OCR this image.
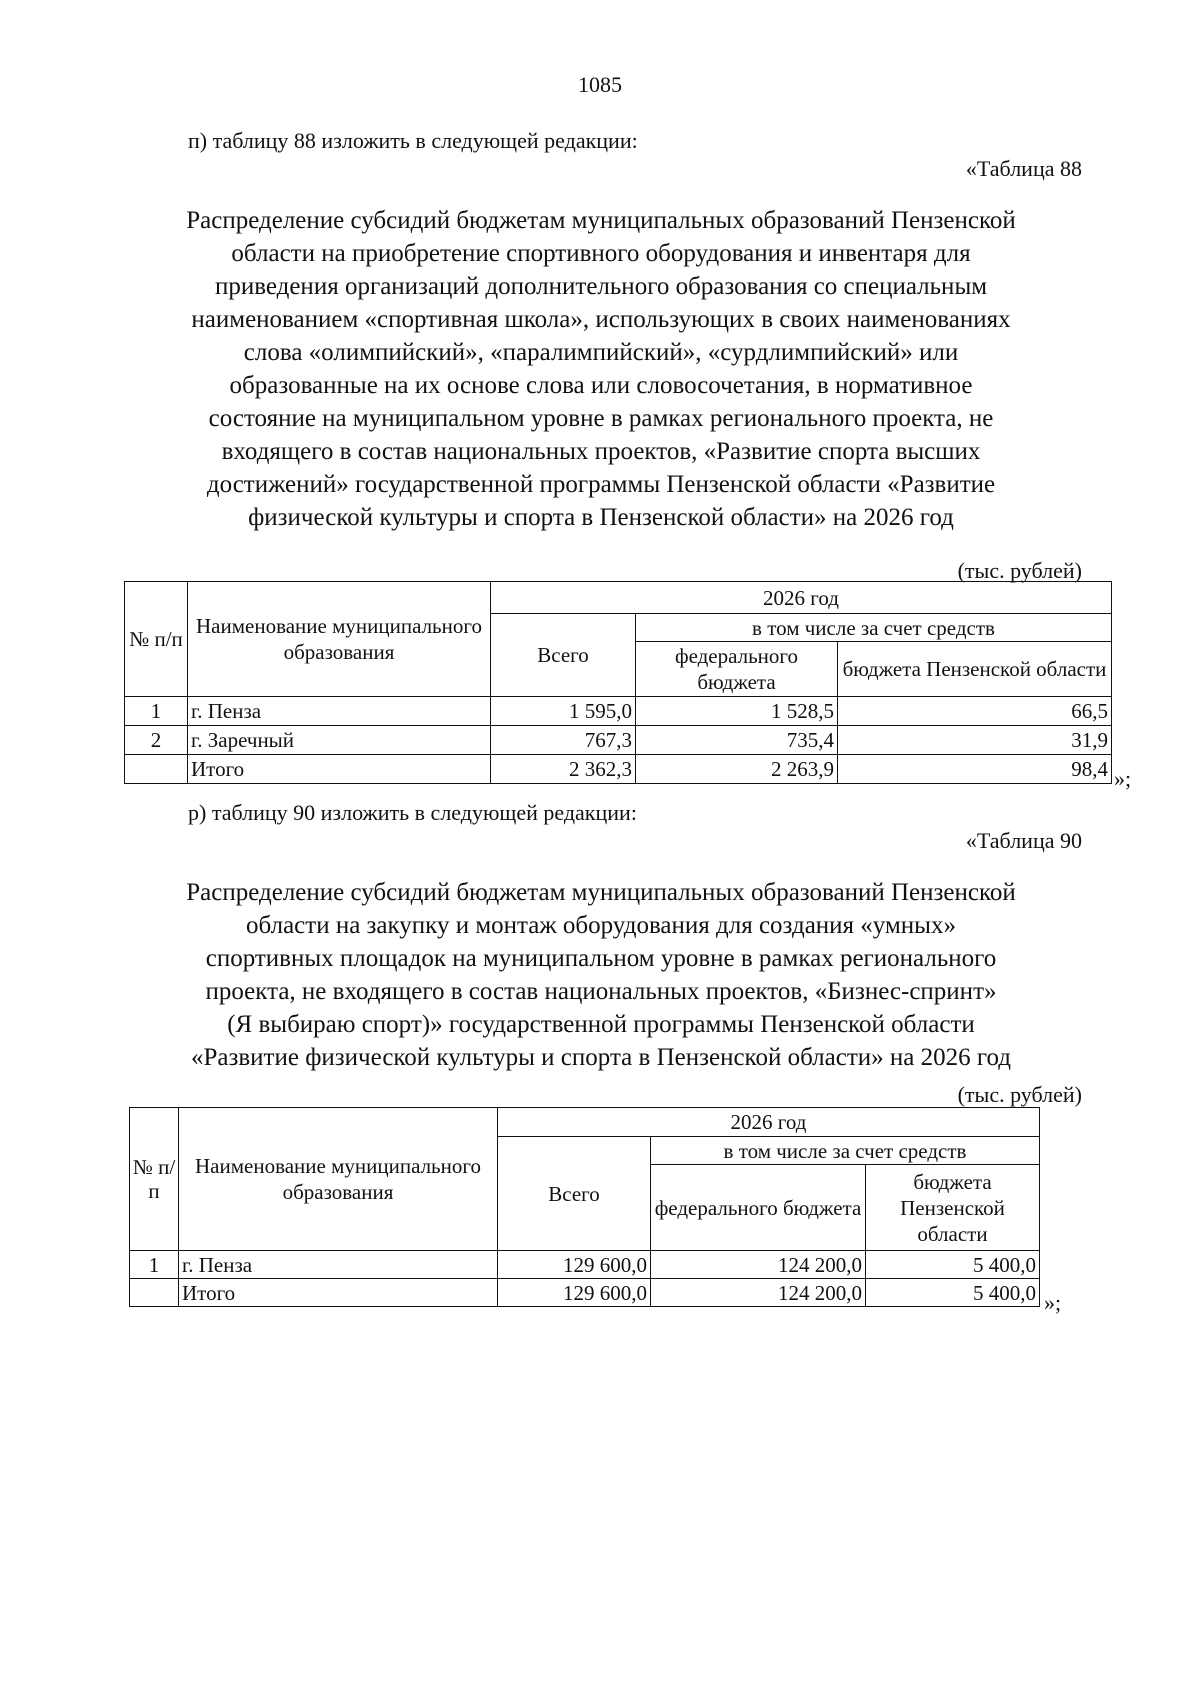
1085
п) таблицу 88 изложить в следующей редакции:
«Таблица 88
Распределение субсидий бюджетам муниципальных образований Пензенской
области на приобретение спортивного оборудования и инвентаря для
приведения организаций дополнительного образования со специальным
наименованием «спортивная школа», использующих в своих наименованиях
слова «олимпийский», «паралимпийский», «сурдлимпийский» или
образованные на их основе слова или словосочетания, в нормативное
состояние на муниципальном уровне в рамках регионального проекта, не
входящего в состав национальных проектов, «Развитие спорта высших
достижений» государственной программы Пензенской области «Развитие
физической культуры и спорта в Пензенской области» на 2026 год
(тыс. рублей)
№ п/п	Наименование муниципального образования	2026 год		
		Всего	в том числе за счет средств	
			федерального бюджета	бюджета Пензенской области
1	г. Пенза	1 595,0	1 528,5	66,5
2	г. Заречный	767,3	735,4	31,9
	Итого	2 362,3	2 263,9	98,4 »;
р) таблицу 90 изложить в следующей редакции:
«Таблица 90
Распределение субсидий бюджетам муниципальных образований Пензенской
области на закупку и монтаж оборудования для создания «умных»
спортивных площадок на муниципальном уровне в рамках регионального
проекта, не входящего в состав национальных проектов, «Бизнес-спринт»
(Я выбираю спорт)» государственной программы Пензенской области
«Развитие физической культуры и спорта в Пензенской области» на 2026 год
(тыс. рублей)
№ п/п	Наименование муниципального образования	2026 год		
		Всего	в том числе за счет средств	
			федерального бюджета	бюджета Пензенской области
1	г. Пенза	129 600,0	124 200,0	5 400,0
	Итого	129 600,0	124 200,0	5 400,0 »;
